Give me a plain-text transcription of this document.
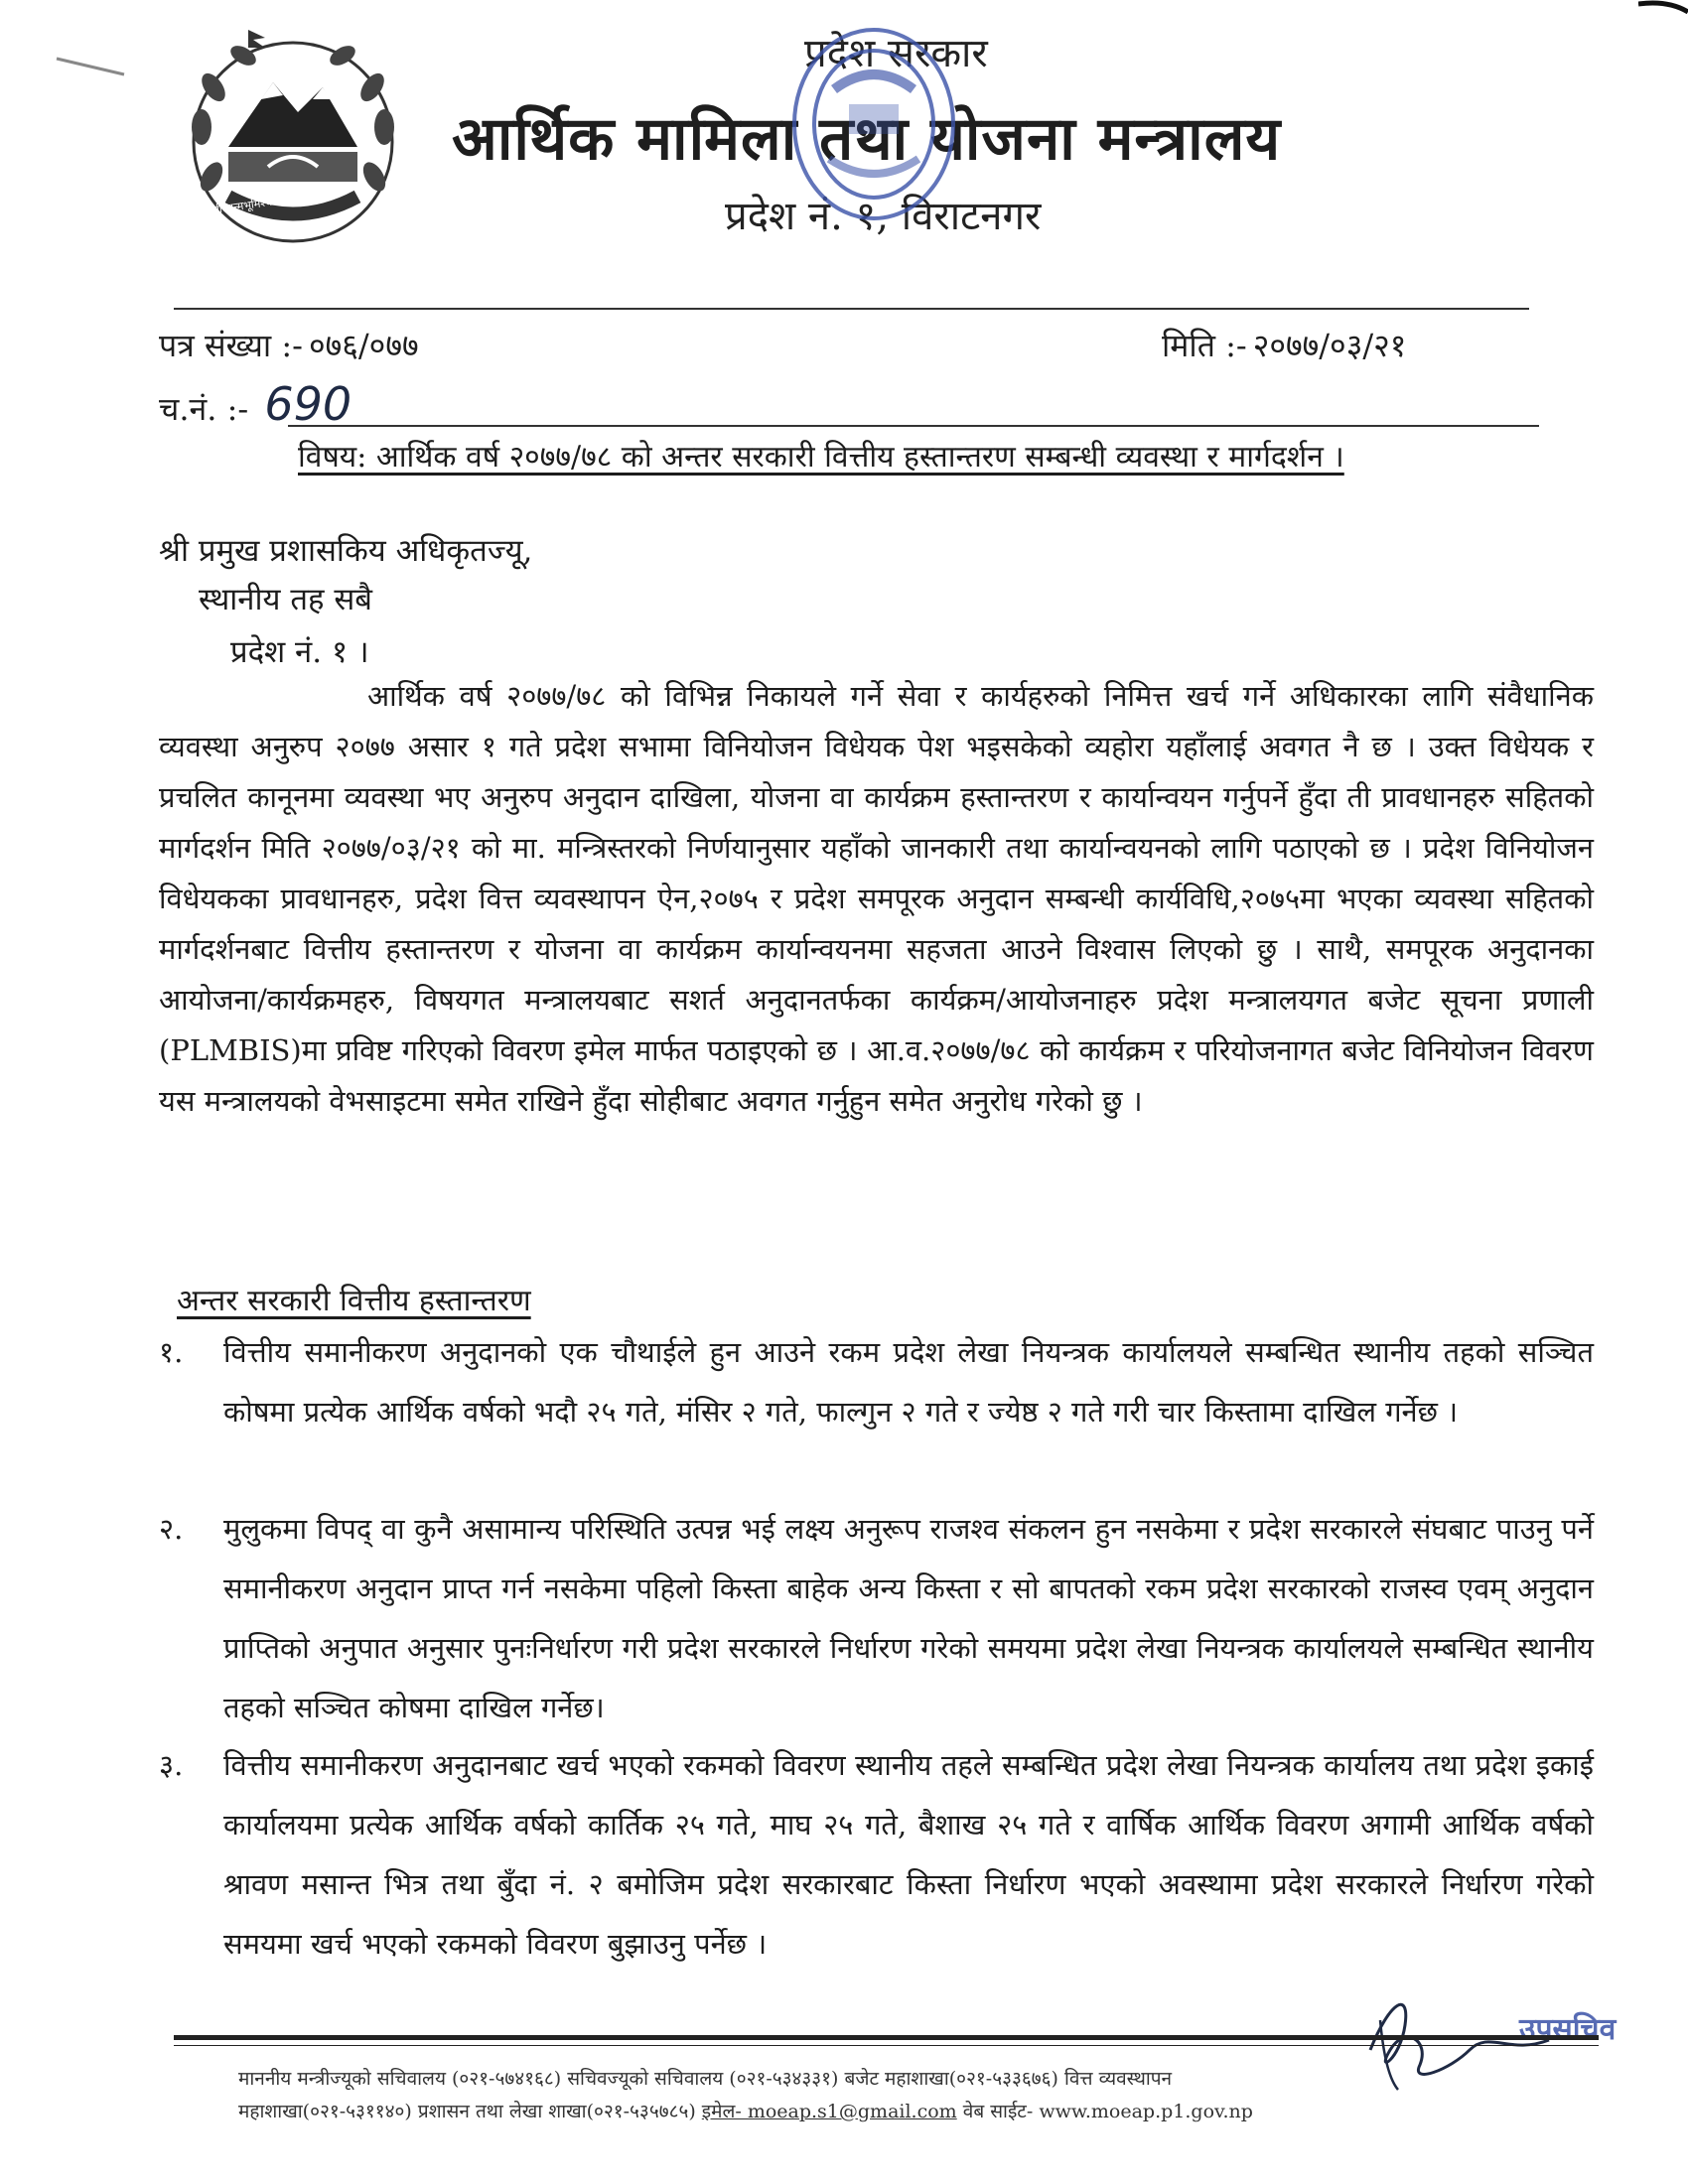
जननी जन्मभूमिश्च स्वर्गादपि गरीयसी
प्रदेश सरकार
आर्थिक मामिला तथा योजना मन्त्रालय
प्रदेश नं. १, विराटनगर
पत्र संख्या :- ०७६/०७७	मिति :- २०७७/०३/२१
च.नं. :- 690
विषय: आर्थिक वर्ष २०७७/७८ को अन्तर सरकारी वित्तीय हस्तान्तरण सम्बन्धी व्यवस्था र मार्गदर्शन ।
श्री प्रमुख प्रशासकिय अधिकृतज्यू,
स्थानीय तह सबै
प्रदेश नं. १ ।
आर्थिक वर्ष २०७७/७८ को विभिन्न निकायले गर्ने सेवा र कार्यहरुको निमित्त खर्च गर्ने अधिकारका लागि संवैधानिक व्यवस्था अनुरुप २०७७ असार १ गते प्रदेश सभामा विनियोजन विधेयक पेश भइसकेको व्यहोरा यहाँलाई अवगत नै छ । उक्त विधेयक र प्रचलित कानूनमा व्यवस्था भए अनुरुप अनुदान दाखिला, योजना वा कार्यक्रम हस्तान्तरण र कार्यान्वयन गर्नुपर्ने हुँदा ती प्रावधानहरु सहितको मार्गदर्शन मिति २०७७/०३/२१ को मा. मन्त्रिस्तरको निर्णयानुसार यहाँको जानकारी तथा कार्यान्वयनको लागि पठाएको छ । प्रदेश विनियोजन विधेयकका प्रावधानहरु, प्रदेश वित्त व्यवस्थापन ऐन,२०७५ र प्रदेश समपूरक अनुदान सम्बन्धी कार्यविधि,२०७५मा भएका व्यवस्था सहितको मार्गदर्शनबाट वित्तीय हस्तान्तरण र योजना वा कार्यक्रम कार्यान्वयनमा सहजता आउने विश्वास लिएको छु । साथै, समपूरक अनुदानका आयोजना/कार्यक्रमहरु, विषयगत मन्त्रालयबाट सशर्त अनुदानतर्फका कार्यक्रम/आयोजनाहरु प्रदेश मन्त्रालयगत बजेट सूचना प्रणाली (PLMBIS)मा प्रविष्ट गरिएको विवरण इमेल मार्फत पठाइएको छ । आ.व.२०७७/७८ को कार्यक्रम र परियोजनागत बजेट विनियोजन विवरण यस मन्त्रालयको वेभसाइटमा समेत राखिने हुँदा सोहीबाट अवगत गर्नुहुन समेत अनुरोध गरेको छु ।
अन्तर सरकारी वित्तीय हस्तान्तरण
१. वित्तीय समानीकरण अनुदानको एक चौथाईले हुन आउने रकम प्रदेश लेखा नियन्त्रक कार्यालयले सम्बन्धित स्थानीय तहको सञ्चित कोषमा प्रत्येक आर्थिक वर्षको भदौ २५ गते, मंसिर २ गते, फाल्गुन २ गते र ज्येष्ठ २ गते गरी चार किस्तामा दाखिल गर्नेछ ।
२. मुलुकमा विपद् वा कुनै असामान्य परिस्थिति उत्पन्न भई लक्ष्य अनुरूप राजश्व संकलन हुन नसकेमा र प्रदेश सरकारले संघबाट पाउनु पर्ने समानीकरण अनुदान प्राप्त गर्न नसकेमा पहिलो किस्ता बाहेक अन्य किस्ता र सो बापतको रकम प्रदेश सरकारको राजस्व एवम् अनुदान प्राप्तिको अनुपात अनुसार पुनःनिर्धारण गरी प्रदेश सरकारले निर्धारण गरेको समयमा प्रदेश लेखा नियन्त्रक कार्यालयले सम्बन्धित स्थानीय तहको सञ्चित कोषमा दाखिल गर्नेछ।
३. वित्तीय समानीकरण अनुदानबाट खर्च भएको रकमको विवरण स्थानीय तहले सम्बन्धित प्रदेश लेखा नियन्त्रक कार्यालय तथा प्रदेश इकाई कार्यालयमा प्रत्येक आर्थिक वर्षको कार्तिक २५ गते, माघ २५ गते, बैशाख २५ गते र वार्षिक आर्थिक विवरण अगामी आर्थिक वर्षको श्रावण मसान्त भित्र तथा बुँदा नं. २ बमोजिम प्रदेश सरकारबाट किस्ता निर्धारण भएको अवस्थामा प्रदेश सरकारले निर्धारण गरेको समयमा खर्च भएको रकमको विवरण बुझाउनु पर्नेछ ।
उपसचिव
माननीय मन्त्रीज्यूको सचिवालय (०२१-५७४१६८) सचिवज्यूको सचिवालय (०२१-५३४३३१) बजेट महाशाखा(०२१-५३३६७६) वित्त व्यवस्थापन
महाशाखा(०२१-५३११४०) प्रशासन तथा लेखा शाखा(०२१-५३५७८५) इमेल- moeap.s1@gmail.com वेब साईट- www.moeap.p1.gov.np
